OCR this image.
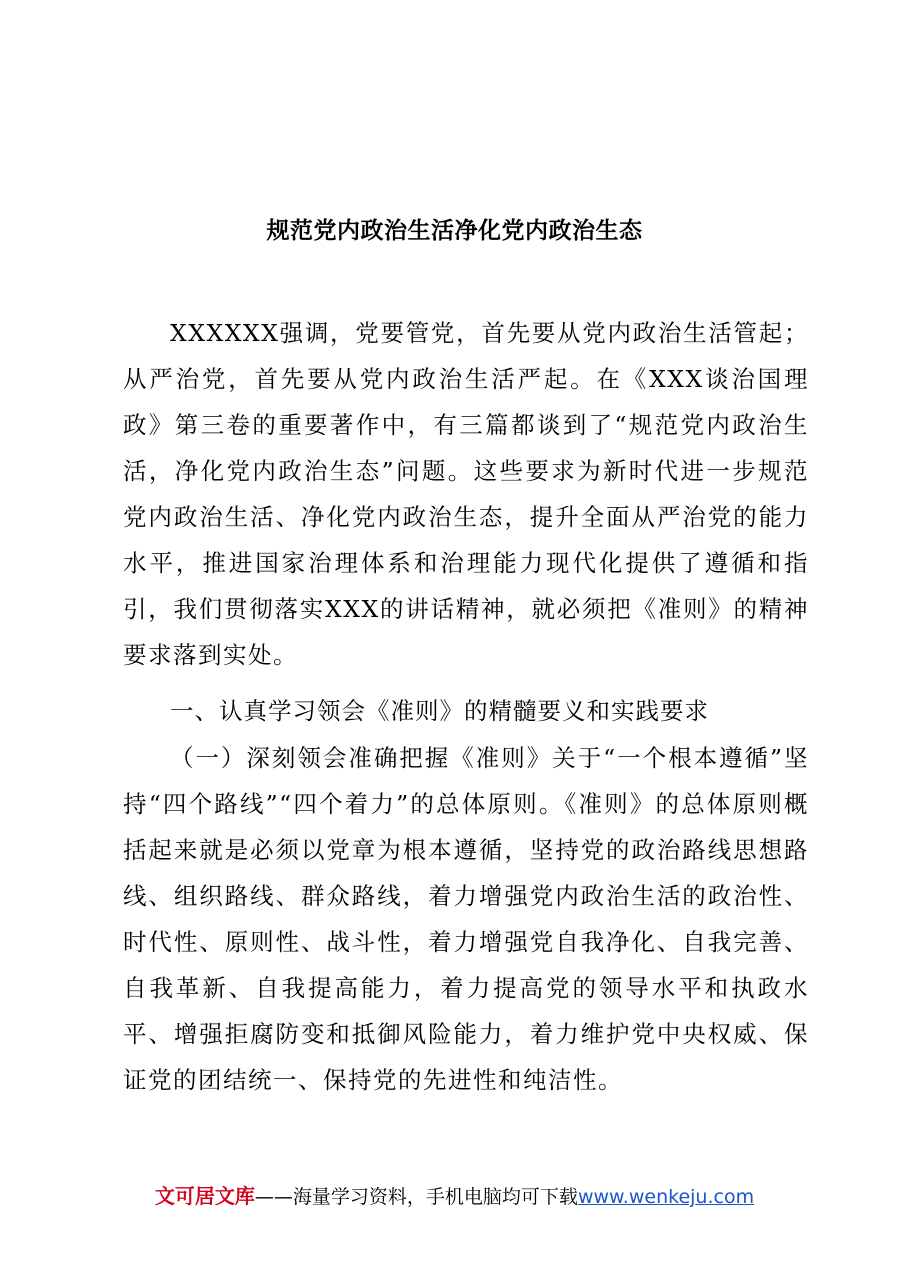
规范党内政治生活净化党内政治生态
XXXXXX强调，党要管党，首先要从党内政治生活管起；从严治党，首先要从党内政治生活严起。在《XXX谈治国理政》第三卷的重要著作中，有三篇都谈到了“规范党内政治生活，净化党内政治生态”问题。这些要求为新时代进一步规范党内政治生活、净化党内政治生态，提升全面从严治党的能力水平，推进国家治理体系和治理能力现代化提供了遵循和指引，我们贯彻落实XXX的讲话精神，就必须把《准则》的精神要求落到实处。
一、认真学习领会《准则》的精髓要义和实践要求
（一）深刻领会准确把握《准则》关于“一个根本遵循”坚持“四个路线”“四个着力”的总体原则。《准则》的总体原则概括起来就是必须以党章为根本遵循，坚持党的政治路线思想路线、组织路线、群众路线，着力增强党内政治生活的政治性、时代性、原则性、战斗性，着力增强党自我净化、自我完善、自我革新、自我提高能力，着力提高党的领导水平和执政水平、增强拒腐防变和抵御风险能力，着力维护党中央权威、保证党的团结统一、保持党的先进性和纯洁性。
文可居文库——海量学习资料，手机电脑均可下载www.wenkeju.com
